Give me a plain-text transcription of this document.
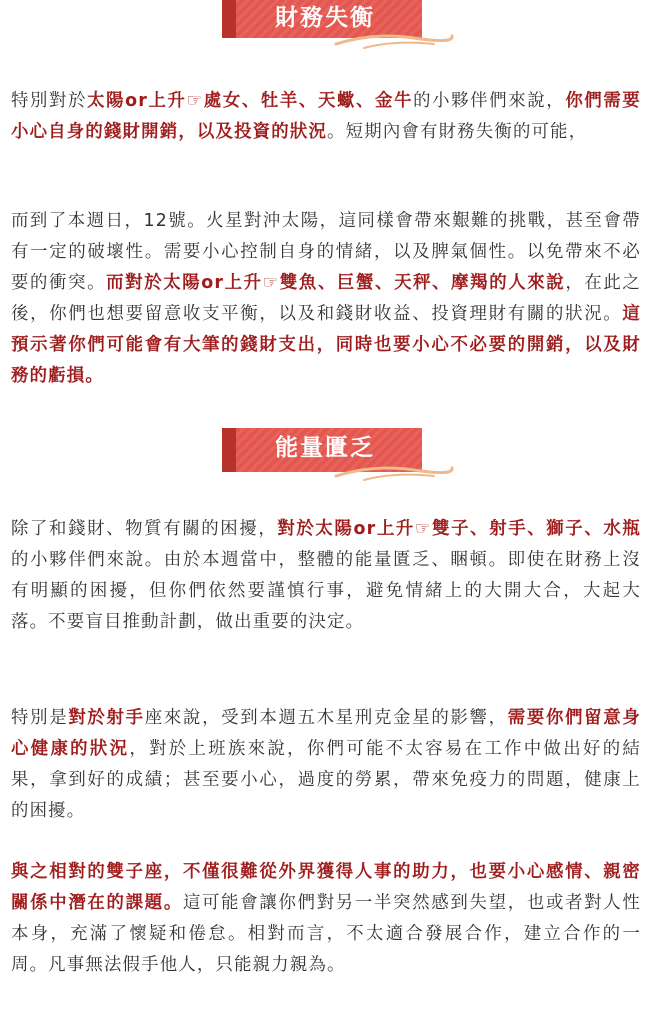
財務失衡

特別對於太陽or上升☞處女、牡羊、天蠍、金牛的小夥伴們來說，你們需要小心自身的錢財開銷，以及投資的狀況。短期內會有財務失衡的可能，

而到了本週日，12號。火星對沖太陽，這同樣會帶來艱難的挑戰，甚至會帶有一定的破壞性。需要小心控制自身的情緒，以及脾氣個性。以免帶來不必要的衝突。而對於太陽or上升☞雙魚、巨蟹、天秤、摩羯的人來說，在此之後，你們也想要留意收支平衡，以及和錢財收益、投資理財有關的狀況。這預示著你們可能會有大筆的錢財支出，同時也要小心不必要的開銷，以及財務的虧損。

能量匱乏

除了和錢財、物質有關的困擾，對於太陽or上升☞雙子、射手、獅子、水瓶的小夥伴們來說。由於本週當中，整體的能量匱乏、睏頓。即使在財務上沒有明顯的困擾，但你們依然要謹慎行事，避免情緒上的大開大合，大起大落。不要盲目推動計劃，做出重要的決定。

特別是對於射手座來說，受到本週五木星刑克金星的影響，需要你們留意身心健康的狀況，對於上班族來說，你們可能不太容易在工作中做出好的結果，拿到好的成績；甚至要小心，過度的勞累，帶來免疫力的問題，健康上的困擾。

與之相對的雙子座，不僅很難從外界獲得人事的助力，也要小心感情、親密關係中潛在的課題。這可能會讓你們對另一半突然感到失望，也或者對人性本身，充滿了懷疑和倦怠。相對而言，不太適合發展合作，建立合作的一周。凡事無法假手他人，只能親力親為。
